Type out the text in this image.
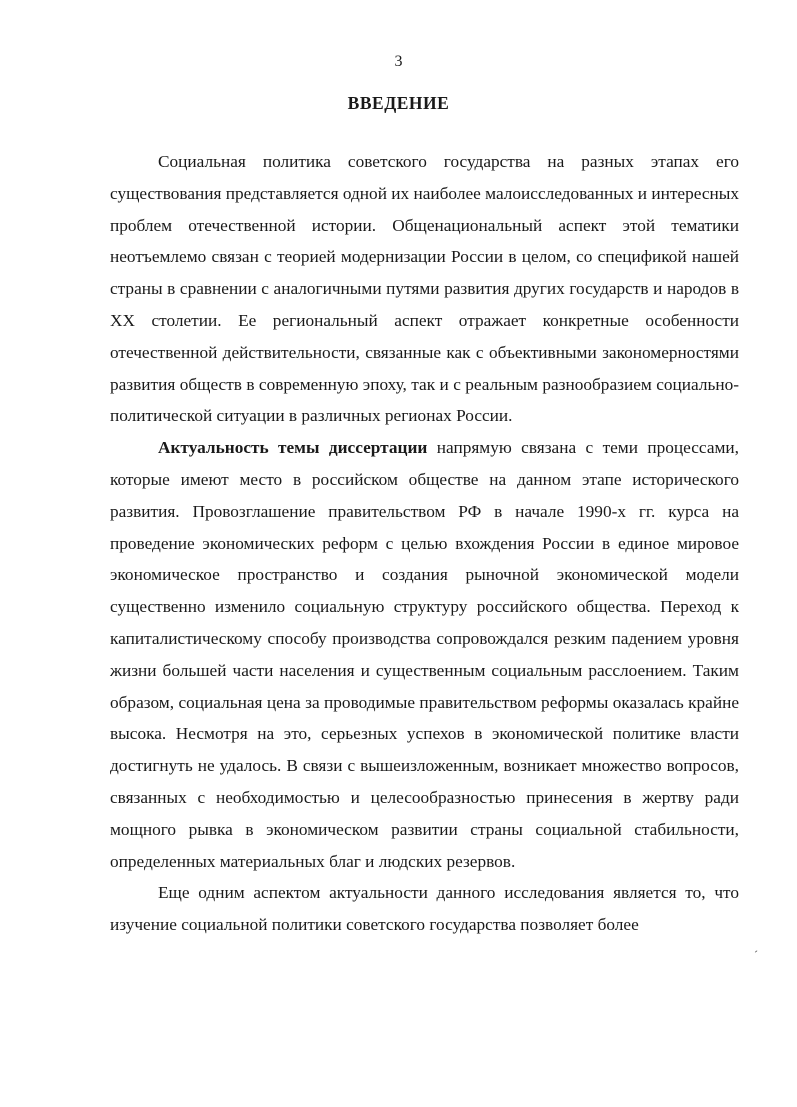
3
ВВЕДЕНИЕ

Социальная политика советского государства на разных этапах его существования представляется одной их наиболее малоисследованных и интересных проблем отечественной истории. Общенациональный аспект этой тематики неотъемлемо связан с теорией модернизации России в целом, со спецификой нашей страны в сравнении с аналогичными путями развития других государств и народов в XX столетии. Ее региональный аспект отражает конкретные особенности отечественной действительности, связанные как с объективными закономерностями развития обществ в современную эпоху, так и с реальным разнообразием социально-политической ситуации в различных регионах России.

Актуальность темы диссертации напрямую связана с теми процессами, которые имеют место в российском обществе на данном этапе исторического развития. Провозглашение правительством РФ в начале 1990-х гг. курса на проведение экономических реформ с целью вхождения России в единое мировое экономическое пространство и создания рыночной экономической модели существенно изменило социальную структуру российского общества. Переход к капиталистическому способу производства сопровождался резким падением уровня жизни большей части населения и существенным социальным расслоением. Таким образом, социальная цена за проводимые правительством реформы оказалась крайне высока. Несмотря на это, серьезных успехов в экономической политике власти достигнуть не удалось. В связи с вышеизложенным, возникает множество вопросов, связанных с необходимостью и целесообразностью принесения в жертву ради мощного рывка в экономическом развитии страны социальной стабильности, определенных материальных благ и людских резервов.

Еще одним аспектом актуальности данного исследования является то, что изучение социальной политики советского государства позволяет более

´
